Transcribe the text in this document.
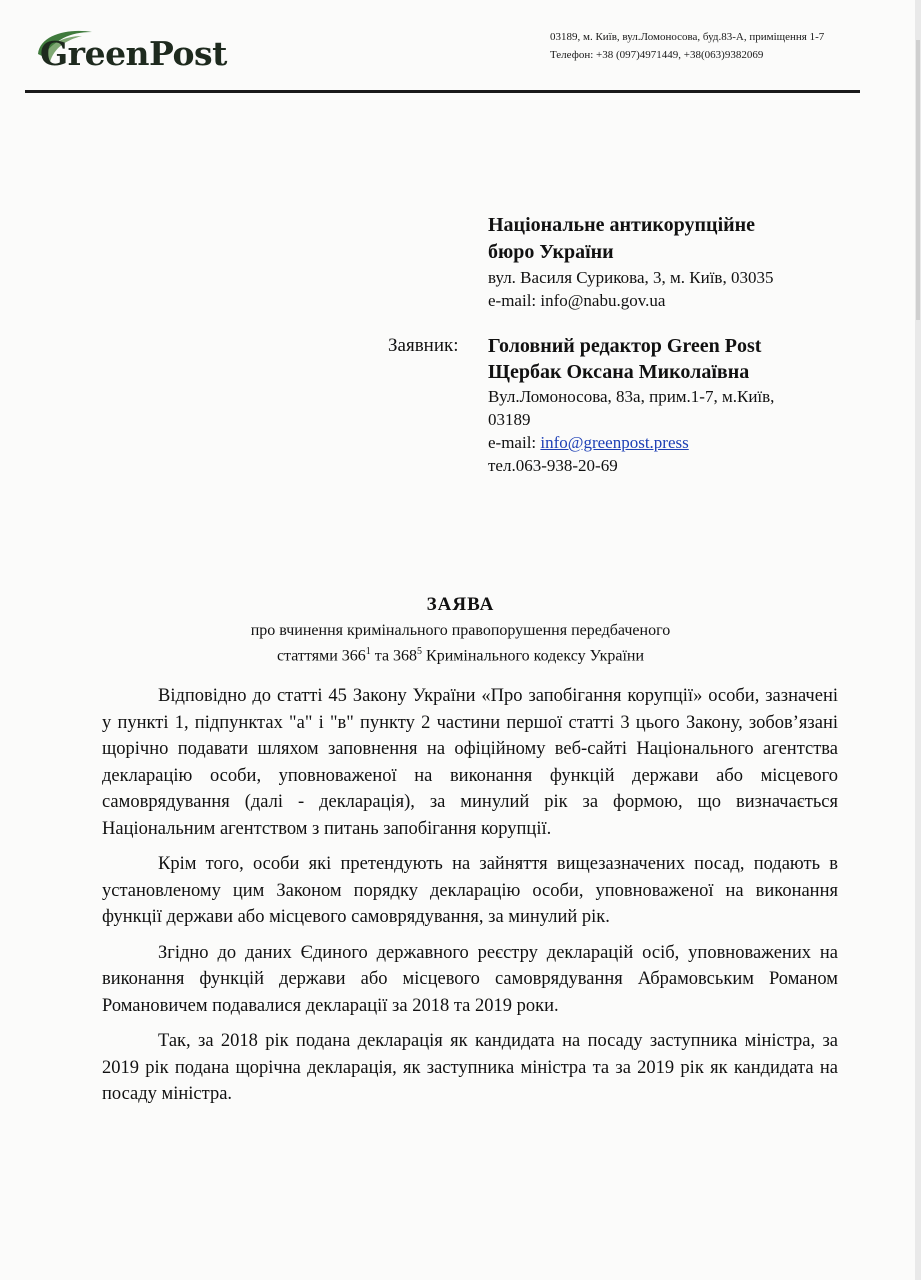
GreenPost	03189, м. Київ, вул.Ломоносова, буд.83-А, приміщення 1-7
Телефон: +38 (097)4971449, +38(063)9382069
Національне антикорупційне
бюро України
вул. Василя Сурикова, 3, м. Київ, 03035
e-mail: info@nabu.gov.ua
Заявник: Головний редактор Green Post
Щербак Оксана Миколаївна
Вул.Ломоносова, 83а, прим.1-7, м.Київ, 03189
e-mail: info@greenpost.press
тел.063-938-20-69
ЗАЯВА
про вчинення кримінального правопорушення передбаченого
статтями $366^1$ та $368^5$ Кримінального кодексу України

Відповідно до статті 45 Закону України «Про запобігання корупції» особи, зазначені у пункті 1, підпунктах "а" і "в" пункту 2 частини першої статті 3 цього Закону, зобов’язані щорічно подавати шляхом заповнення на офіційному веб-сайті Національного агентства декларацію особи, уповноваженої на виконання функцій держави або місцевого самоврядування (далі - декларація), за минулий рік за формою, що визначається Національним агентством з питань запобігання корупції.

Крім того, особи які претендують на зайняття вищезазначених посад, подають в установленому цим Законом порядку декларацію особи, уповноваженої на виконання функції держави або місцевого самоврядування, за минулий рік.

Згідно до даних Єдиного державного реєстру декларацій осіб, уповноважених на виконання функцій держави або місцевого самоврядування Абрамовським Романом Романовичем подавалися декларації за 2018 та 2019 роки.

Так, за 2018 рік подана декларація як кандидата на посаду заступника міністра, за 2019 рік подана щорічна декларація, як заступника міністра та за 2019 рік як кандидата на посаду міністра.
